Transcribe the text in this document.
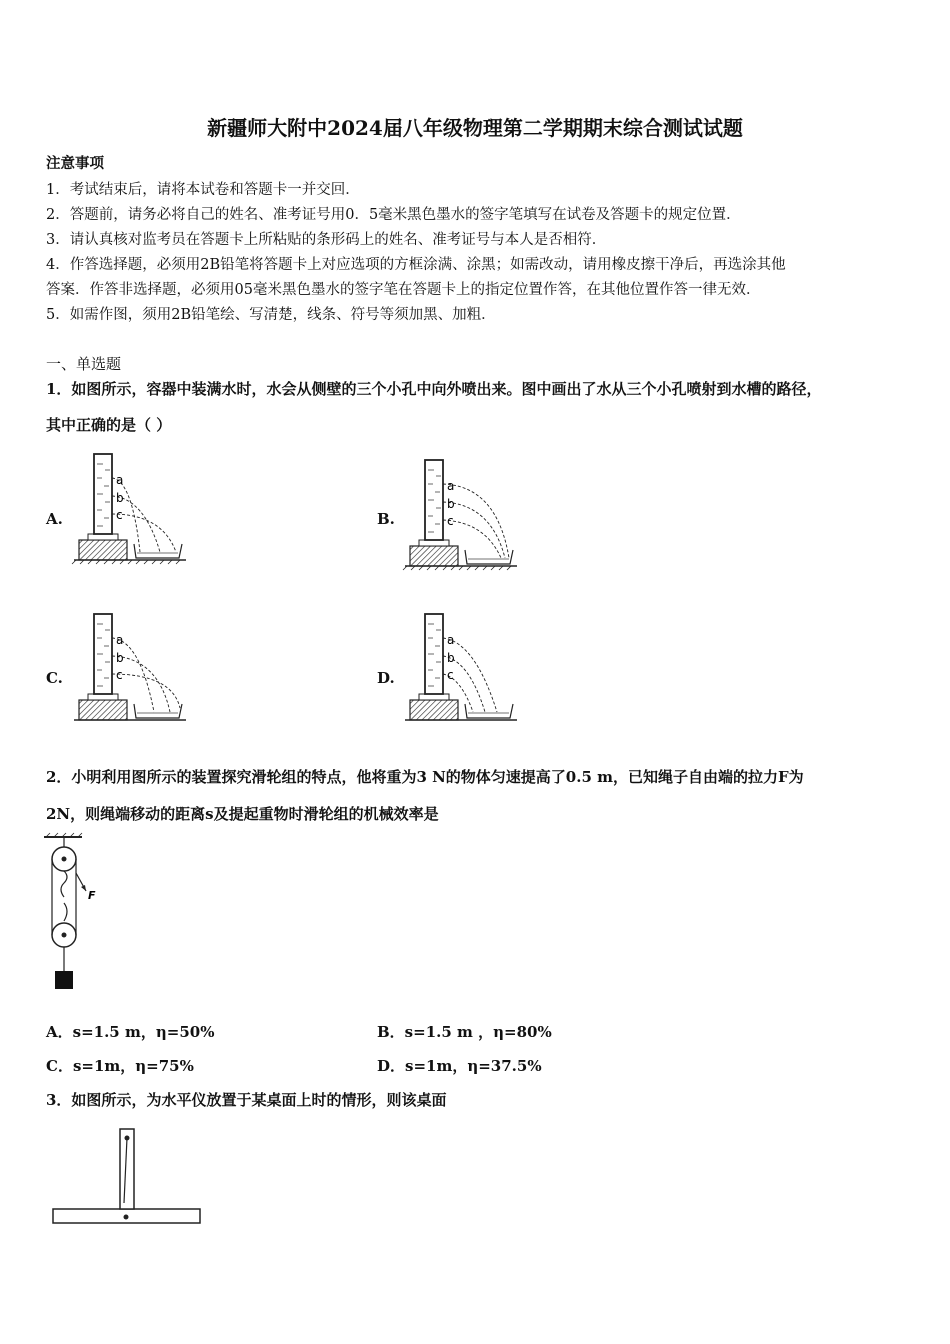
新疆师大附中2024届八年级物理第二学期期末综合测试试题
注意事项
1．考试结束后，请将本试卷和答题卡一并交回．
2．答题前，请务必将自己的姓名、准考证号用0．5毫米黑色墨水的签字笔填写在试卷及答题卡的规定位置．
3．请认真核对监考员在答题卡上所粘贴的条形码上的姓名、准考证号与本人是否相符．
4．作答选择题，必须用2B铅笔将答题卡上对应选项的方框涂满、涂黑；如需改动，请用橡皮擦干净后，再选涂其他
答案．作答非选择题，必须用05毫米黑色墨水的签字笔在答题卡上的指定位置作答，在其他位置作答一律无效．
5．如需作图，须用2B铅笔绘、写清楚，线条、符号等须加黑、加粗．
一、单选题
1．如图所示，容器中装满水时，水会从侧壁的三个小孔中向外喷出来。图中画出了水从三个小孔喷射到水槽的路径，
其中正确的是（ ）
A.	B.
C.	D.
a
b
c
a
b
c
a
b
c
a
b
c
2．小明利用图所示的装置探究滑轮组的特点，他将重为3 N的物体匀速提高了0.5 m，已知绳子自由端的拉力F为
2N，则绳端移动的距离s及提起重物时滑轮组的机械效率是
F
A．s=1.5 m，η=50%	B．s=1.5 m ，η=80%
C．s=1m，η=75%	D．s=1m，η=37.5%
3．如图所示，为水平仪放置于某桌面上时的情形，则该桌面
